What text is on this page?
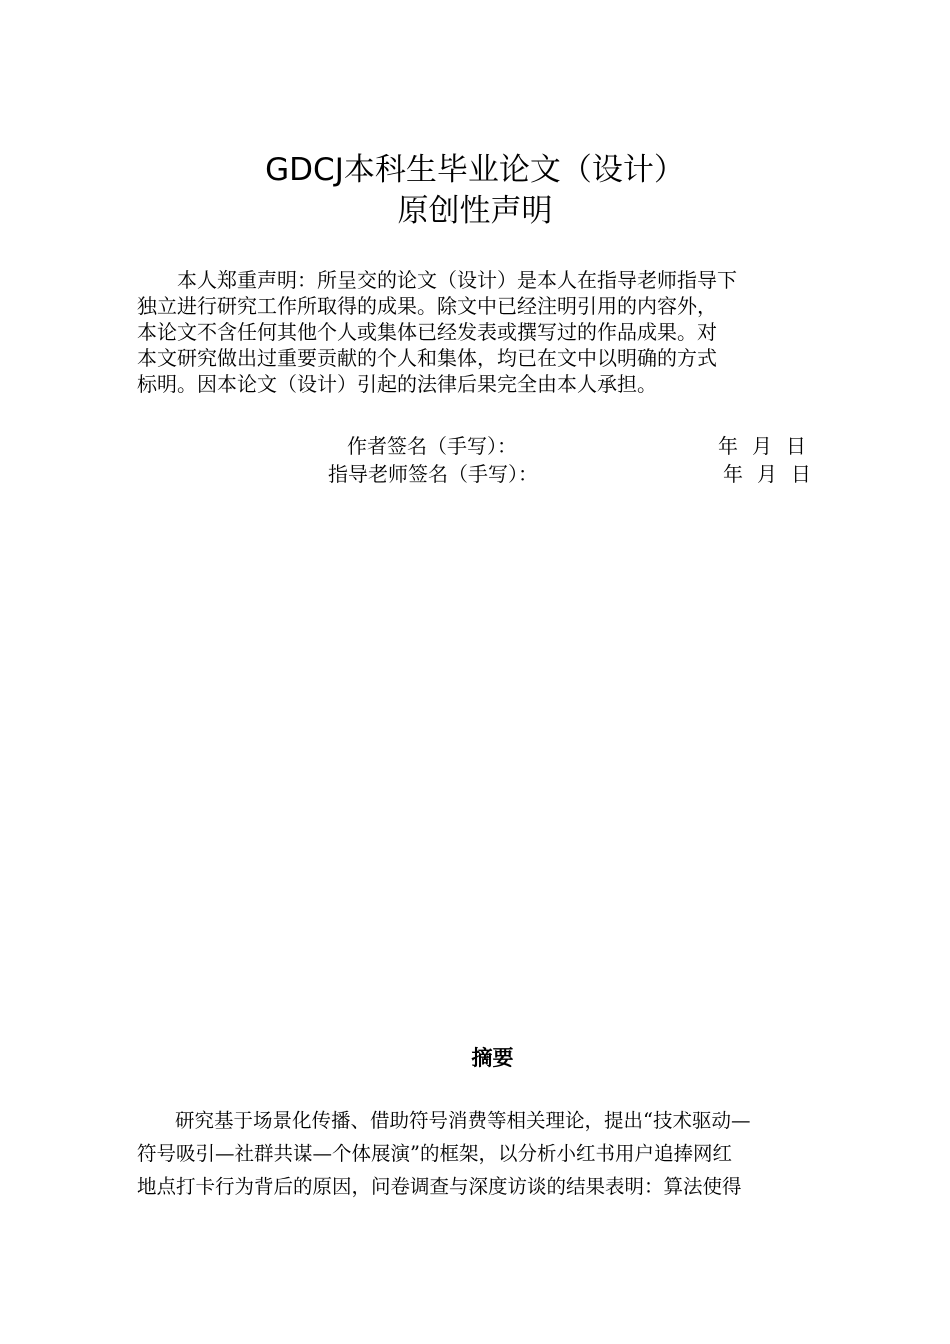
GDCJ本科生毕业论文（设计）
原创性声明

本人郑重声明：所呈交的论文（设计）是本人在指导老师指导下
独立进行研究工作所取得的成果。除文中已经注明引用的内容外，
本论文不含任何其他个人或集体已经发表或撰写过的作品成果。对
本文研究做出过重要贡献的个人和集体，均已在文中以明确的方式
标明。因本论文（设计）引起的法律后果完全由本人承担。

作者签名（手写）：	年 月 日
指导老师签名（手写）：	年 月 日
摘要

研究基于场景化传播、借助符号消费等相关理论，提出“技术驱动—
符号吸引—社群共谋—个体展演”的框架，以分析小红书用户追捧网红
地点打卡行为背后的原因，问卷调查与深度访谈的结果表明：算法使得
